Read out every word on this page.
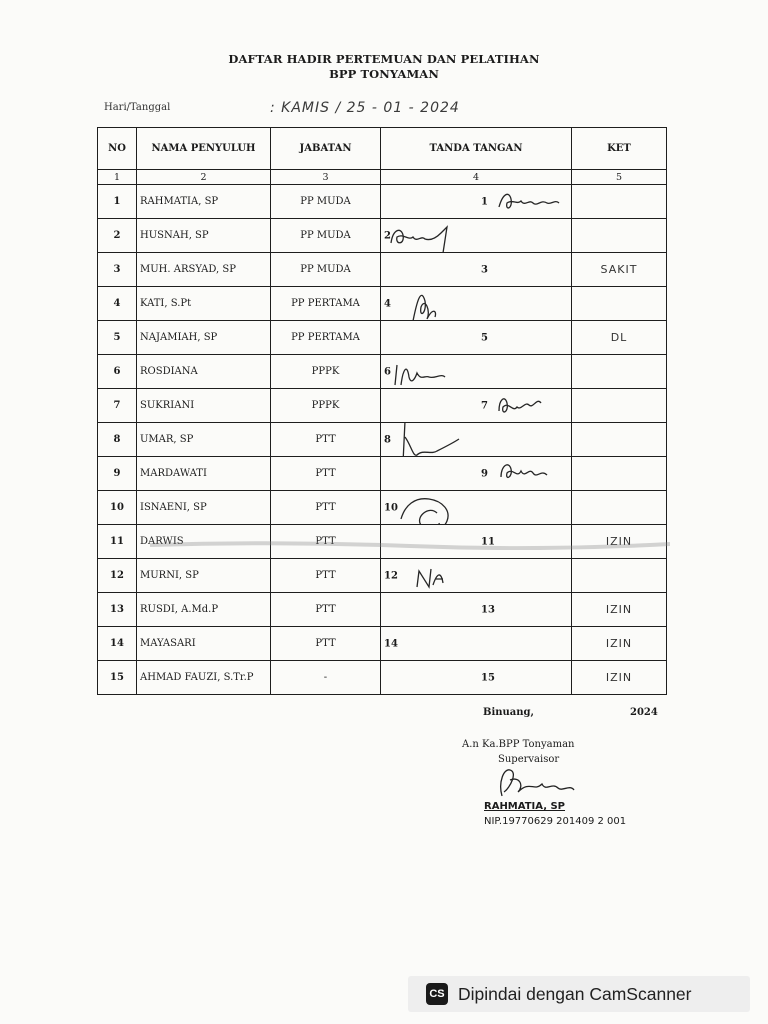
DAFTAR HADIR PERTEMUAN DAN PELATIHAN
BPP TONYAMAN
Hari/Tanggal	: KAMIS / 25 - 01 - 2024
NO	NAMA PENYULUH	JABATAN	TANDA TANGAN	KET
1	2	3	4	5
1	RAHMATIA, SP	PP MUDA	1	

2	HUSNAH, SP	PP MUDA	2	

3	MUH. ARSYAD, SP	PP MUDA	3	SAKIT
4	KATI, S.Pt	PP PERTAMA	4	

5	NAJAMIAH, SP	PP PERTAMA	5	DL
6	ROSDIANA	PPPK	6	

7	SUKRIANI	PPPK	7	

8	UMAR, SP	PTT	8	

9	MARDAWATI	PTT	9	

10	ISNAENI, SP	PTT	10	

11	DARWIS	PTT	11	IZIN
12	MURNI, SP	PTT	12	

13	RUSDI, A.Md.P	PTT	13	IZIN
14	MAYASARI	PTT	14	IZIN
15	AHMAD FAUZI, S.Tr.P	-	15	IZIN
Binuang,	2024
A.n Ka.BPP Tonyaman
Supervaisor
RAHMATIA, SP
NIP.19770629 201409 2 001
CS Dipindai dengan CamScanner
